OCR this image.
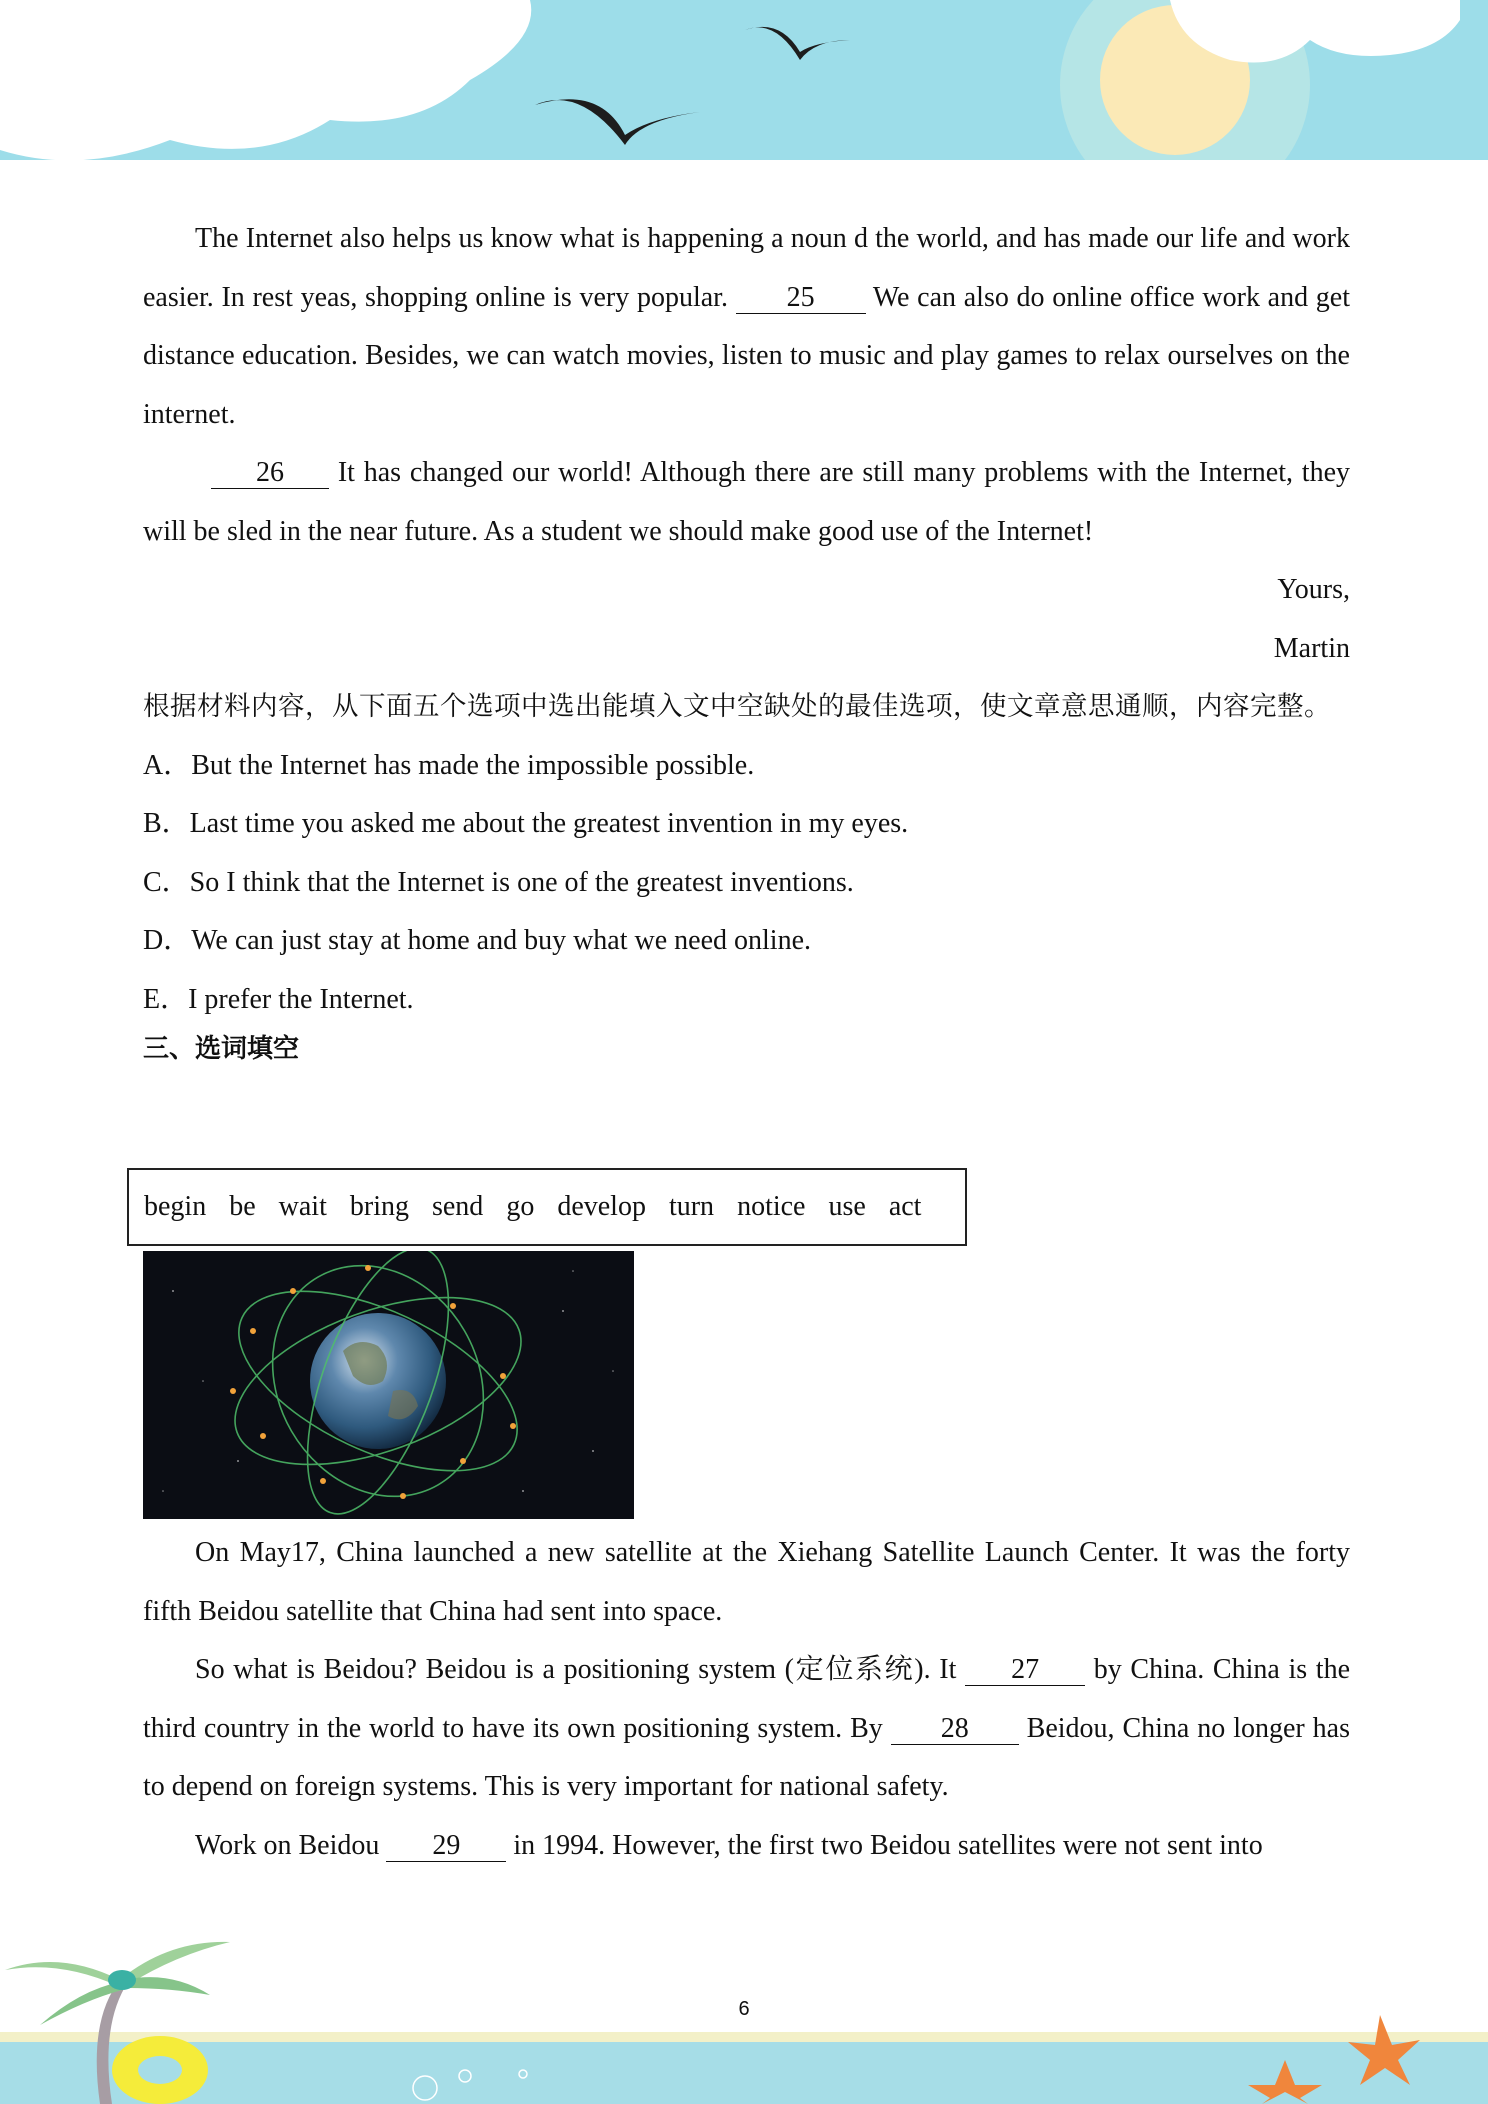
The Internet also helps us know what is happening a noun d the world, and has made our life and work easier. In rest yeas, shopping online is very popular. 25 We can also do online office work and get distance education. Besides, we can watch movies, listen to music and play games to relax ourselves on the internet.

26 It has changed our world! Although there are still many problems with the Internet, they will be sled in the near future. As a student we should make good use of the Internet!

Yours,

Martin

根据材料内容，从下面五个选项中选出能填入文中空缺处的最佳选项，使文章意思通顺，内容完整。

A．But the Internet has made the impossible possible.

B．Last time you asked me about the greatest invention in my eyes.

C．So I think that the Internet is one of the greatest inventions.

D．We can just stay at home and buy what we need online.

E．I prefer the Internet.

三、选词填空

begin be wait bring send go develop turn notice use act

On May17, China launched a new satellite at the Xiehang Satellite Launch Center. It was the forty fifth Beidou satellite that China had sent into space.

So what is Beidou? Beidou is a positioning system (定位系统). It 27 by China. China is the third country in the world to have its own positioning system. By 28 Beidou, China no longer has to depend on foreign systems. This is very important for national safety.

Work on Beidou 29 in 1994. However, the first two Beidou satellites were not sent into

6
